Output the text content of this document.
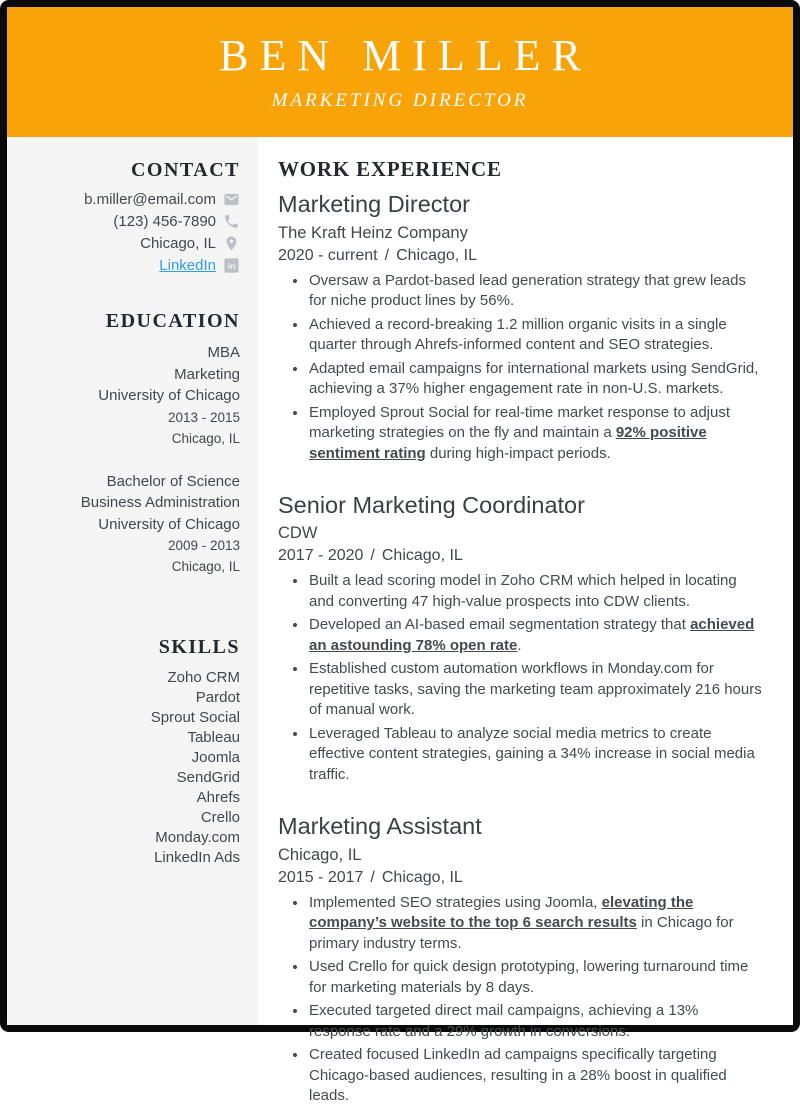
BEN MILLER
MARKETING DIRECTOR
CONTACT
b.miller@email.com
(123) 456-7890
Chicago, IL
LinkedIn in
EDUCATION
MBA
Marketing
University of Chicago
2013 - 2015
Chicago, IL
Bachelor of Science
Business Administration
University of Chicago
2009 - 2013
Chicago, IL
SKILLS
Zoho CRM
Pardot
Sprout Social
Tableau
Joomla
SendGrid
Ahrefs
Crello
Monday.com
LinkedIn Ads
WORK EXPERIENCE
Marketing Director
The Kraft Heinz Company
2020 - current / Chicago, IL
• Oversaw a Pardot-based lead generation strategy that grew leads for niche product lines by 56%.
• Achieved a record-breaking 1.2 million organic visits in a single quarter through Ahrefs-informed content and SEO strategies.
• Adapted email campaigns for international markets using SendGrid, achieving a 37% higher engagement rate in non-U.S. markets.
• Employed Sprout Social for real-time market response to adjust marketing strategies on the fly and maintain a 92% positive sentiment rating during high-impact periods.
Senior Marketing Coordinator
CDW
2017 - 2020 / Chicago, IL
• Built a lead scoring model in Zoho CRM which helped in locating and converting 47 high-value prospects into CDW clients.
• Developed an AI-based email segmentation strategy that achieved an astounding 78% open rate.
• Established custom automation workflows in Monday.com for repetitive tasks, saving the marketing team approximately 216 hours of manual work.
• Leveraged Tableau to analyze social media metrics to create effective content strategies, gaining a 34% increase in social media traffic.
Marketing Assistant
Chicago, IL
2015 - 2017 / Chicago, IL
• Implemented SEO strategies using Joomla, elevating the company’s website to the top 6 search results in Chicago for primary industry terms.
• Used Crello for quick design prototyping, lowering turnaround time for marketing materials by 8 days.
• Executed targeted direct mail campaigns, achieving a 13% response rate and a 29% growth in conversions.
• Created focused LinkedIn ad campaigns specifically targeting Chicago-based audiences, resulting in a 28% boost in qualified leads.
